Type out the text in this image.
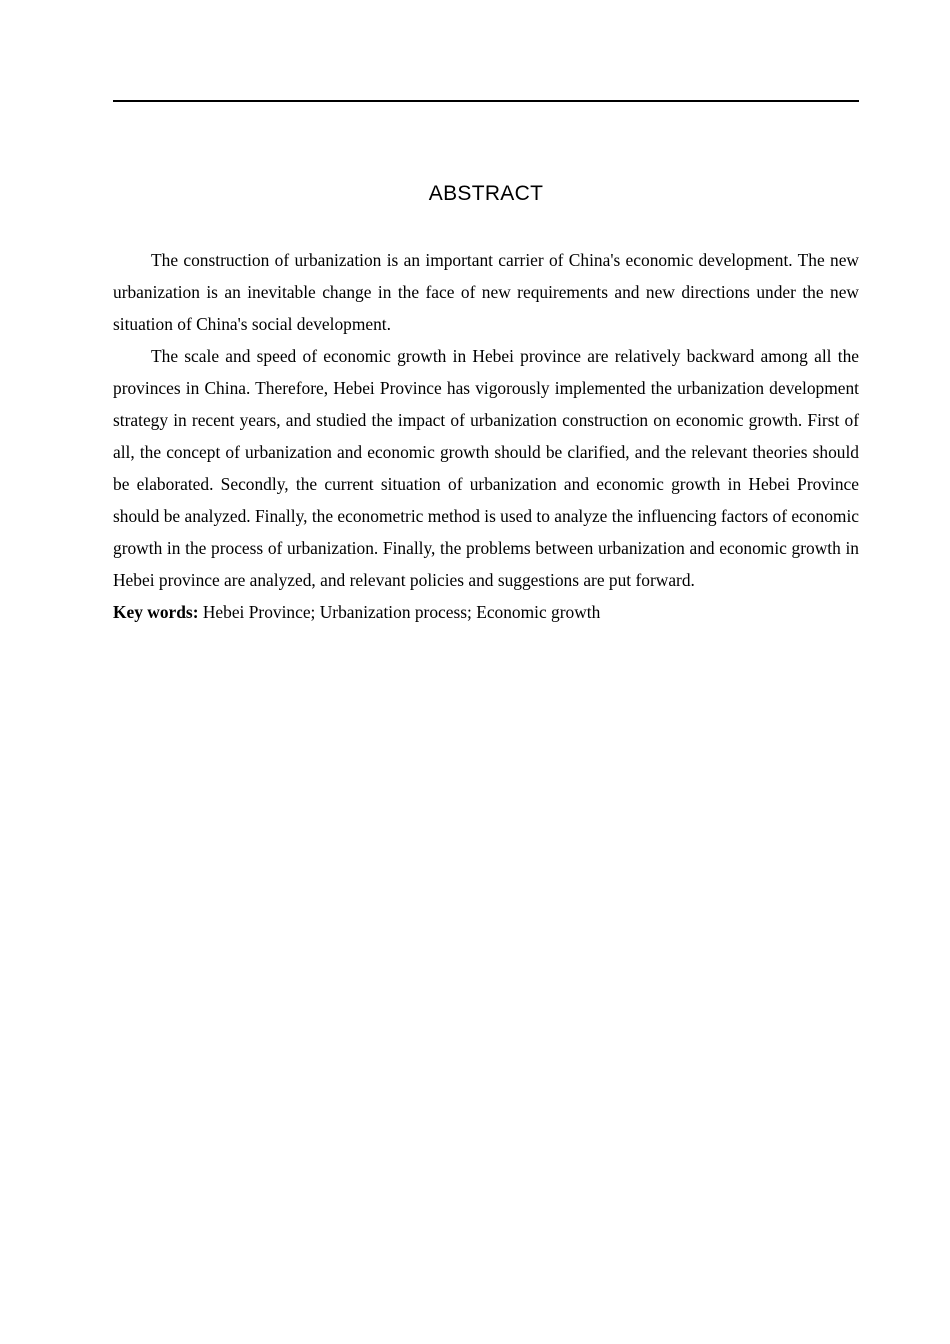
ABSTRACT

The construction of urbanization is an important carrier of China's economic development. The new urbanization is an inevitable change in the face of new requirements and new directions under the new situation of China's social development.

The scale and speed of economic growth in Hebei province are relatively backward among all the provinces in China. Therefore, Hebei Province has vigorously implemented the urbanization development strategy in recent years, and studied the impact of urbanization construction on economic growth. First of all, the concept of urbanization and economic growth should be clarified, and the relevant theories should be elaborated. Secondly, the current situation of urbanization and economic growth in Hebei Province should be analyzed. Finally, the econometric method is used to analyze the influencing factors of economic growth in the process of urbanization. Finally, the problems between urbanization and economic growth in Hebei province are analyzed, and relevant policies and suggestions are put forward.

Key words: Hebei Province; Urbanization process; Economic growth
